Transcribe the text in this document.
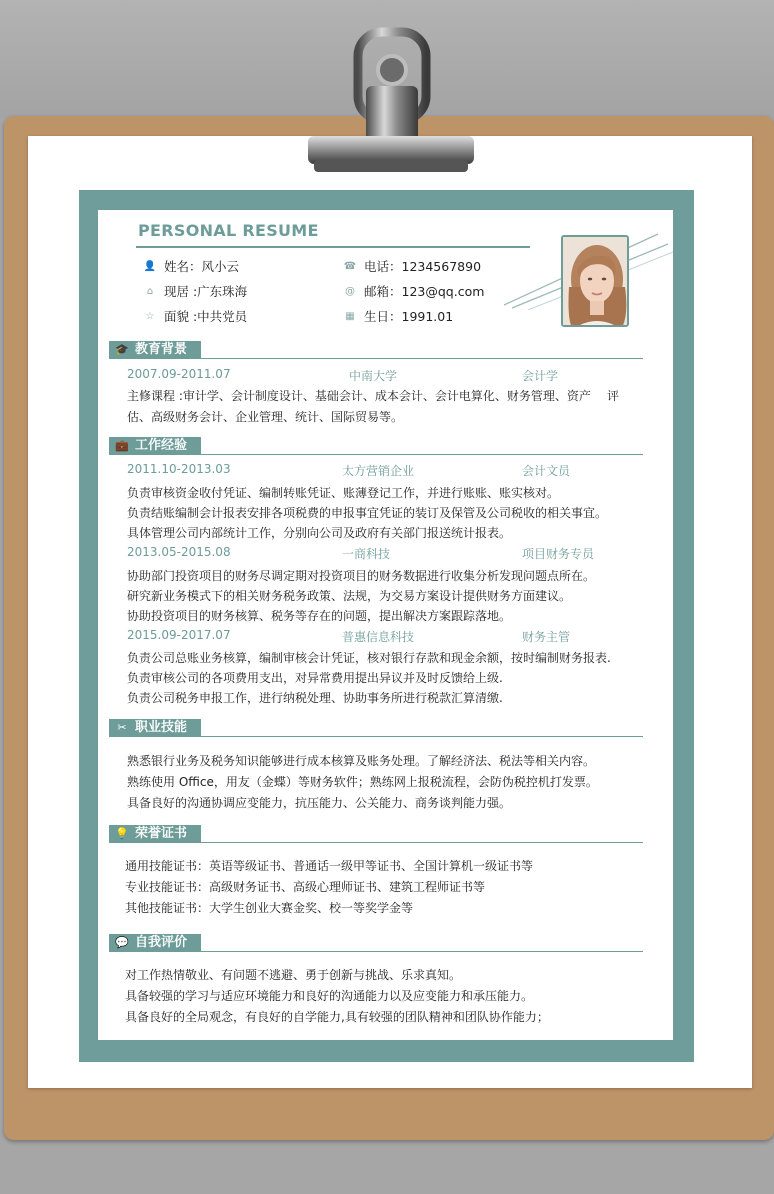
PERSONAL RESUME
👤 姓名：风小云
⌂ 现居 :广东珠海
☆ 面貌 :中共党员
☎ 电话：1234567890
@ 邮箱：123@qq.com
▦ 生日：1991.01
🎓 教育背景
2007.09-2011.07	中南大学	会计学
主修课程 :审计学、会计制度设计、基础会计、成本会计、会计电算化、财务管理、资产 评
估、高级财务会计、企业管理、统计、国际贸易等。
💼 工作经验
2011.10-2013.03	太方营销企业	会计文员
负责审核资金收付凭证、编制转账凭证、账薄登记工作，并进行账账、账实核对。
负责结账编制会计报表安排各项税费的申报事宜凭证的装订及保管及公司税收的相关事宜。
具体管理公司内部统计工作，分别向公司及政府有关部门报送统计报表。
2013.05-2015.08	一商科技	项目财务专员
协助部门投资项目的财务尽调定期对投资项目的财务数据进行收集分析发现问题点所在。
研究新业务模式下的相关财务税务政策、法规，为交易方案设计提供财务方面建议。
协助投资项目的财务核算、税务等存在的问题，提出解决方案跟踪落地。
2015.09-2017.07	普惠信息科技	财务主管
负责公司总账业务核算，编制审核会计凭证，核对银行存款和现金余额，按时编制财务报表.
负责审核公司的各项费用支出，对异常费用提出异议并及时反馈给上级.
负责公司税务申报工作，进行纳税处理、协助事务所进行税款汇算清缴.
✂ 职业技能
熟悉银行业务及税务知识能够进行成本核算及账务处理。了解经济法、税法等相关内容。
熟练使用 Office，用友（金蝶）等财务软件；熟练网上报税流程，会防伪税控机打发票。
具备良好的沟通协调应变能力，抗压能力、公关能力、商务谈判能力强。
💡 荣誉证书
通用技能证书：英语等级证书、普通话一级甲等证书、全国计算机一级证书等
专业技能证书：高级财务证书、高级心理师证书、建筑工程师证书等
其他技能证书：大学生创业大赛金奖、校一等奖学金等
💬 自我评价
对工作热情敬业、有问题不逃避、勇于创新与挑战、乐求真知。
具备较强的学习与适应环境能力和良好的沟通能力以及应变能力和承压能力。
具备良好的全局观念，有良好的自学能力,具有较强的团队精神和团队协作能力；
